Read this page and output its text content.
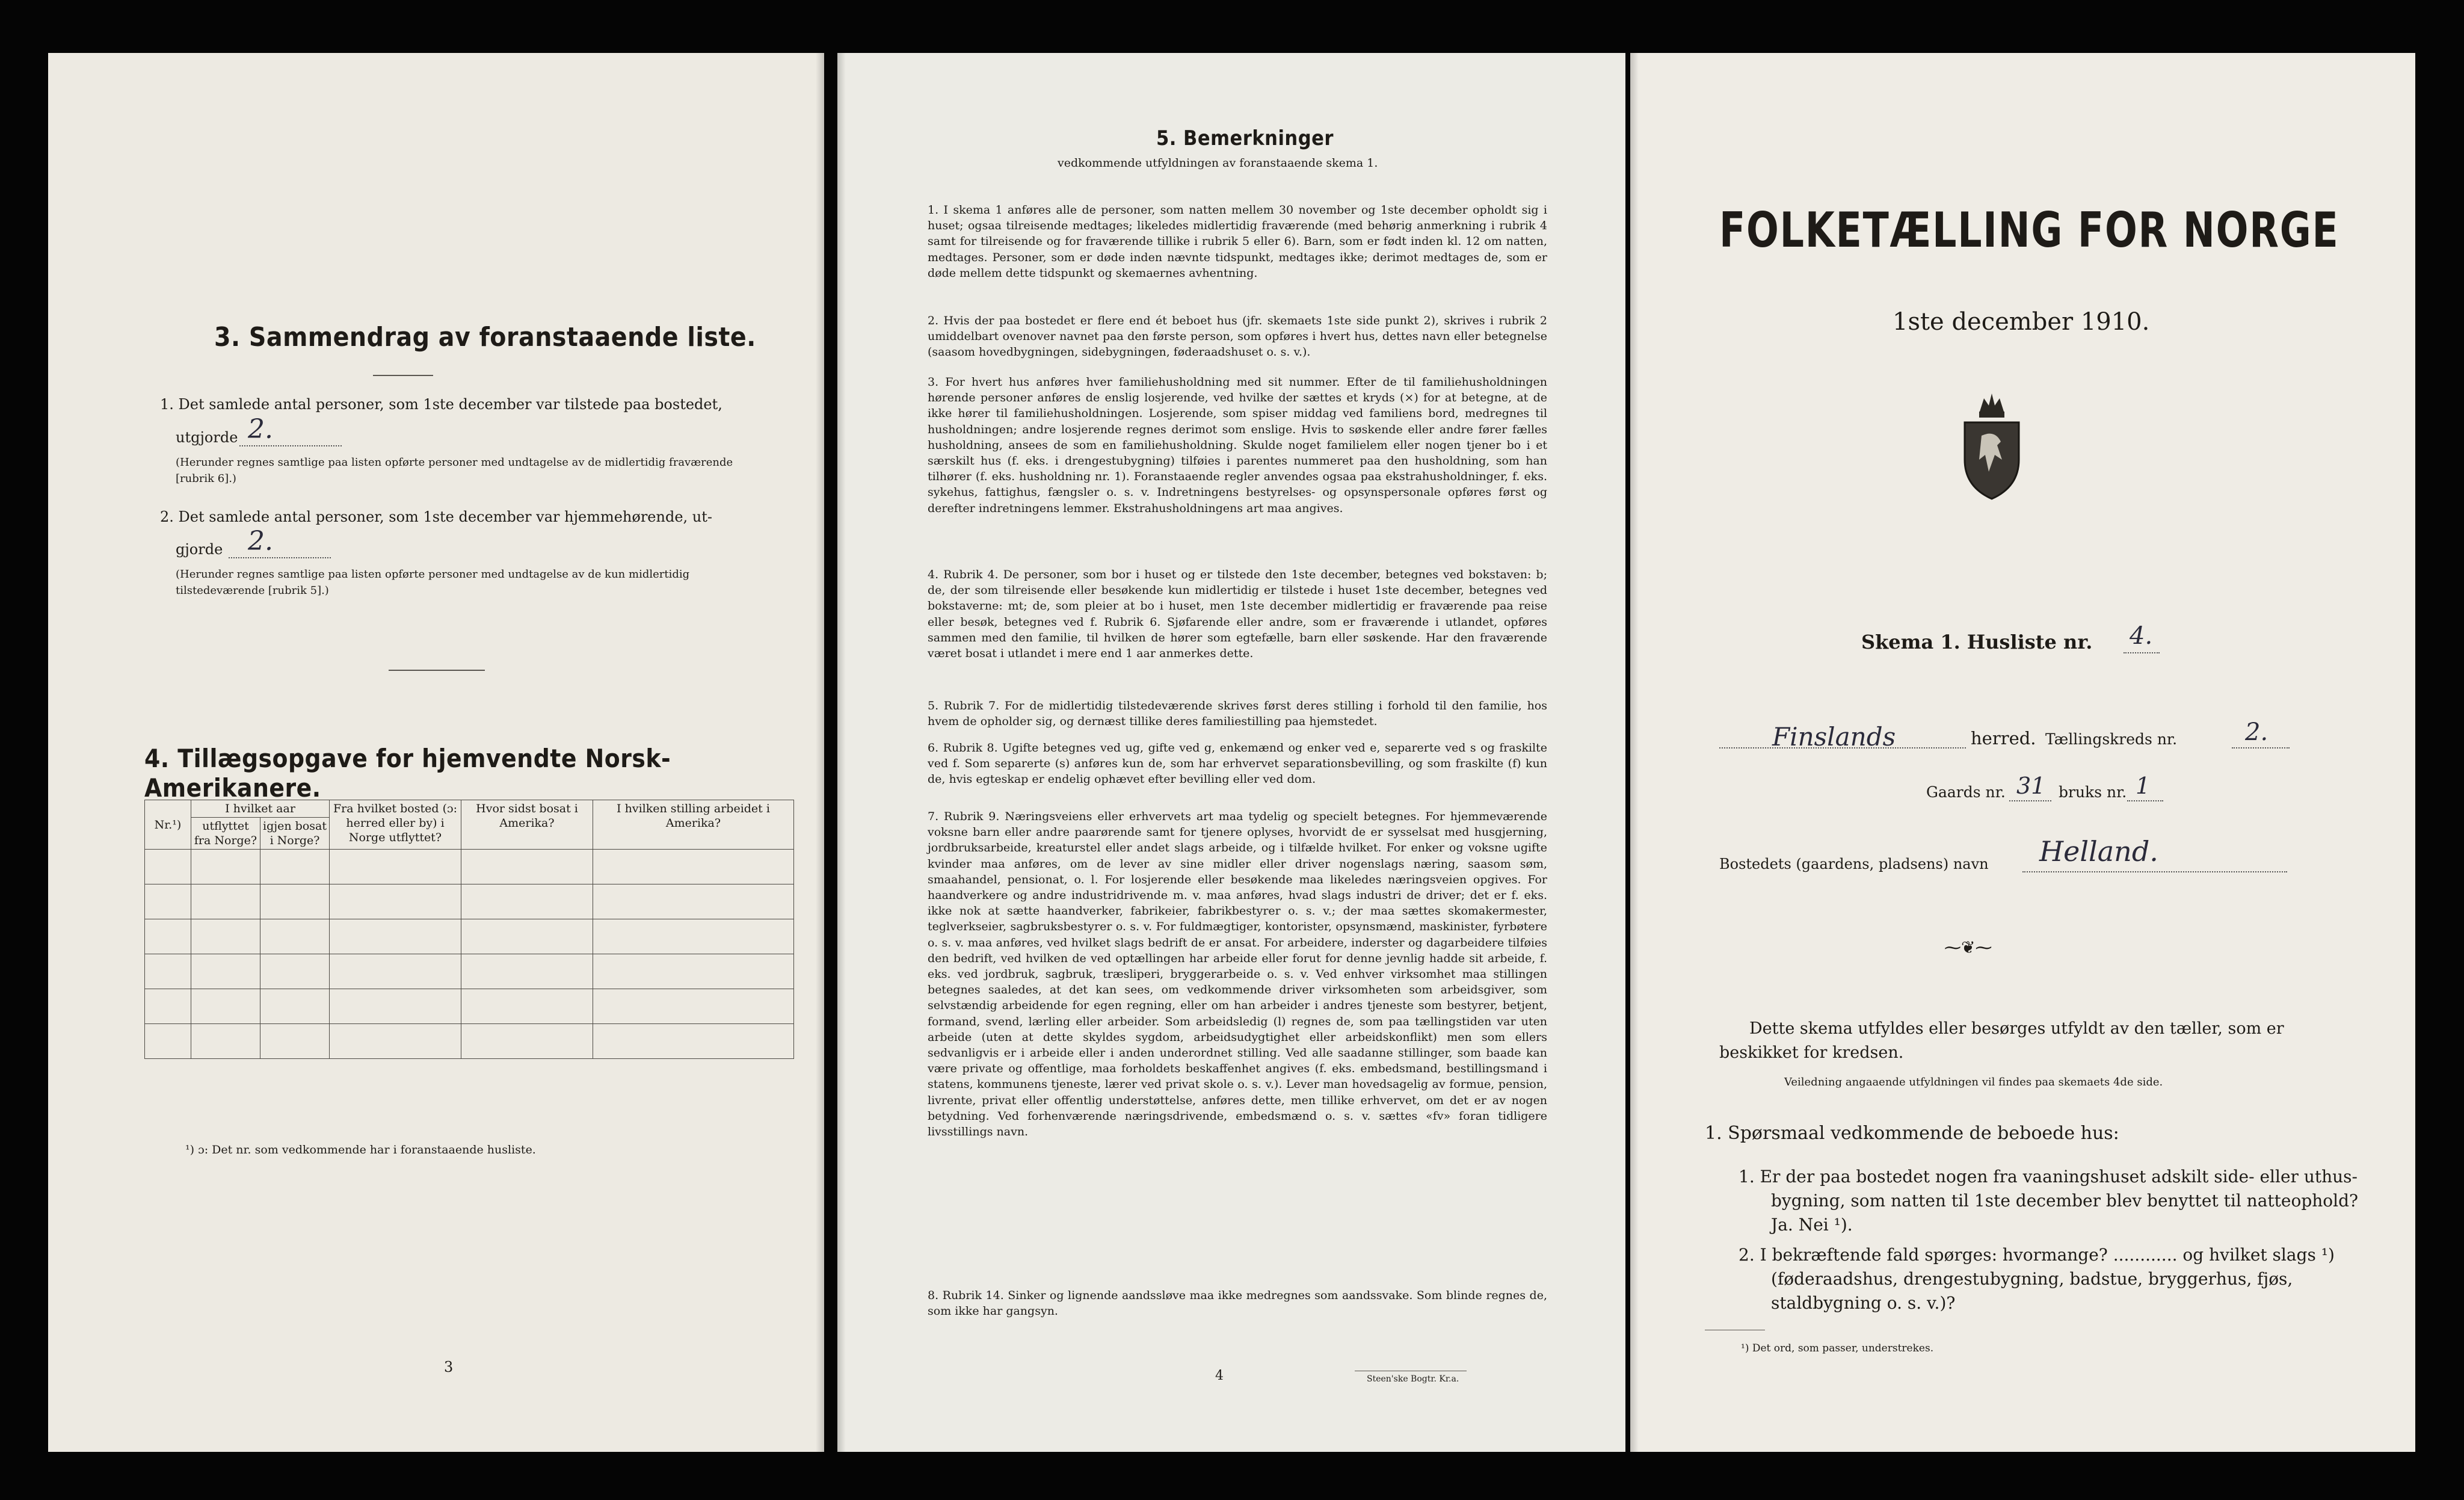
3. Sammendrag av foranstaaende liste.
1. Det samlede antal personer, som 1ste december var tilstede paa bostedet,
utgjorde 2.
(Herunder regnes samtlige paa listen opførte personer med undtagelse av de midlertidig fraværende [rubrik 6].)
2. Det samlede antal personer, som 1ste december var hjemmehørende, ut-
gjorde 2.
(Herunder regnes samtlige paa listen opførte personer med undtagelse av de kun midlertidig tilstedeværende [rubrik 5].)
4. Tillægsopgave for hjemvendte Norsk-Amerikanere.
Nr.¹)	I hvilket aar		Fra hvilket bosted (ɔ: herred eller by) i Norge utflyttet?	Hvor sidst bosat i Amerika?	I hvilken stilling arbeidet i Amerika?
	utflyttet fra Norge?	igjen bosat i Norge?			

¹) ɔ: Det nr. som vedkommende har i foranstaaende husliste.
3
5. Bemerkninger
vedkommende utfyldningen av foranstaaende skema 1.
1. I skema 1 anføres alle de personer, som natten mellem 30 november og 1ste december opholdt sig i huset; ogsaa tilreisende medtages; likeledes midlertidig fraværende (med behørig anmerkning i rubrik 4 samt for tilreisende og for fraværende tillike i rubrik 5 eller 6). Barn, som er født inden kl. 12 om natten, medtages. Personer, som er døde inden nævnte tidspunkt, medtages ikke; derimot medtages de, som er døde mellem dette tidspunkt og skemaernes avhentning.
2. Hvis der paa bostedet er flere end ét beboet hus (jfr. skemaets 1ste side punkt 2), skrives i rubrik 2 umiddelbart ovenover navnet paa den første person, som opføres i hvert hus, dettes navn eller betegnelse (saasom hovedbygningen, sidebygningen, føderaadshuset o. s. v.).
3. For hvert hus anføres hver familiehusholdning med sit nummer. Efter de til familiehusholdningen hørende personer anføres de enslig losjerende, ved hvilke der sættes et kryds (×) for at betegne, at de ikke hører til familiehusholdningen. Losjerende, som spiser middag ved familiens bord, medregnes til husholdningen; andre losjerende regnes derimot som enslige. Hvis to søskende eller andre fører fælles husholdning, ansees de som en familiehusholdning. Skulde noget familielem eller nogen tjener bo i et særskilt hus (f. eks. i drengestubygning) tilføies i parentes nummeret paa den husholdning, som han tilhører (f. eks. husholdning nr. 1). Foranstaaende regler anvendes ogsaa paa ekstrahusholdninger, f. eks. sykehus, fattighus, fængsler o. s. v. Indretningens bestyrelses- og opsynspersonale opføres først og derefter indretningens lemmer. Ekstrahusholdningens art maa angives.
4. Rubrik 4. De personer, som bor i huset og er tilstede den 1ste december, betegnes ved bokstaven: b; de, der som tilreisende eller besøkende kun midlertidig er tilstede i huset 1ste december, betegnes ved bokstaverne: mt; de, som pleier at bo i huset, men 1ste december midlertidig er fraværende paa reise eller besøk, betegnes ved f. Rubrik 6. Sjøfarende eller andre, som er fraværende i utlandet, opføres sammen med den familie, til hvilken de hører som egtefælle, barn eller søskende. Har den fraværende været bosat i utlandet i mere end 1 aar anmerkes dette.
5. Rubrik 7. For de midlertidig tilstedeværende skrives først deres stilling i forhold til den familie, hos hvem de opholder sig, og dernæst tillike deres familiestilling paa hjemstedet.
6. Rubrik 8. Ugifte betegnes ved ug, gifte ved g, enkemænd og enker ved e, separerte ved s og fraskilte ved f. Som separerte (s) anføres kun de, som har erhvervet separationsbevilling, og som fraskilte (f) kun de, hvis egteskap er endelig ophævet efter bevilling eller ved dom.
7. Rubrik 9. Næringsveiens eller erhvervets art maa tydelig og specielt betegnes. For hjemmeværende voksne barn eller andre paarørende samt for tjenere oplyses, hvorvidt de er sysselsat med husgjerning, jordbruksarbeide, kreaturstel eller andet slags arbeide, og i tilfælde hvilket. For enker og voksne ugifte kvinder maa anføres, om de lever av sine midler eller driver nogenslags næring, saasom søm, smaahandel, pensionat, o. l. For losjerende eller besøkende maa likeledes næringsveien opgives. For haandverkere og andre industridrivende m. v. maa anføres, hvad slags industri de driver; det er f. eks. ikke nok at sætte haandverker, fabrikeier, fabrikbestyrer o. s. v.; der maa sættes skomakermester, teglverkseier, sagbruksbestyrer o. s. v. For fuldmægtiger, kontorister, opsynsmænd, maskinister, fyrbøtere o. s. v. maa anføres, ved hvilket slags bedrift de er ansat. For arbeidere, inderster og dagarbeidere tilføies den bedrift, ved hvilken de ved optællingen har arbeide eller forut for denne jevnlig hadde sit arbeide, f. eks. ved jordbruk, sagbruk, træsliperi, bryggerarbeide o. s. v. Ved enhver virksomhet maa stillingen betegnes saaledes, at det kan sees, om vedkommende driver virksomheten som arbeidsgiver, som selvstændig arbeidende for egen regning, eller om han arbeider i andres tjeneste som bestyrer, betjent, formand, svend, lærling eller arbeider. Som arbeidsledig (l) regnes de, som paa tællingstiden var uten arbeide (uten at dette skyldes sygdom, arbeidsudygtighet eller arbeidskonflikt) men som ellers sedvanligvis er i arbeide eller i anden underordnet stilling. Ved alle saadanne stillinger, som baade kan være private og offentlige, maa forholdets beskaffenhet angives (f. eks. embedsmand, bestillingsmand i statens, kommunens tjeneste, lærer ved privat skole o. s. v.). Lever man hovedsagelig av formue, pension, livrente, privat eller offentlig understøttelse, anføres dette, men tillike erhvervet, om det er av nogen betydning. Ved forhenværende næringsdrivende, embedsmænd o. s. v. sættes «fv» foran tidligere livsstillings navn.
8. Rubrik 14. Sinker og lignende aandssløve maa ikke medregnes som aandssvake. Som blinde regnes de, som ikke har gangsyn.
4	Steen'ske Bogtr. Kr.a.
FOLKETÆLLING FOR NORGE
1ste december 1910.
Skema 1. Husliste nr. 4.
Finslands	herred. Tællingskreds nr.	2.
Gaards nr. 31 bruks nr. 1
Bostedets (gaardens, pladsens) navn Helland.
⁓❦⁓
Dette skema utfyldes eller besørges utfyldt av den tæller, som er beskikket for kredsen.
Veiledning angaaende utfyldningen vil findes paa skemaets 4de side.
1. Spørsmaal vedkommende de beboede hus:
1. Er der paa bostedet nogen fra vaaningshuset adskilt side- eller uthus-bygning, som natten til 1ste december blev benyttet til natteophold? Ja. Nei ¹).
2. I bekræftende fald spørges: hvormange? ............ og hvilket slags ¹) (føderaadshus, drengestubygning, badstue, bryggerhus, fjøs, staldbygning o. s. v.)?
¹) Det ord, som passer, understrekes.
